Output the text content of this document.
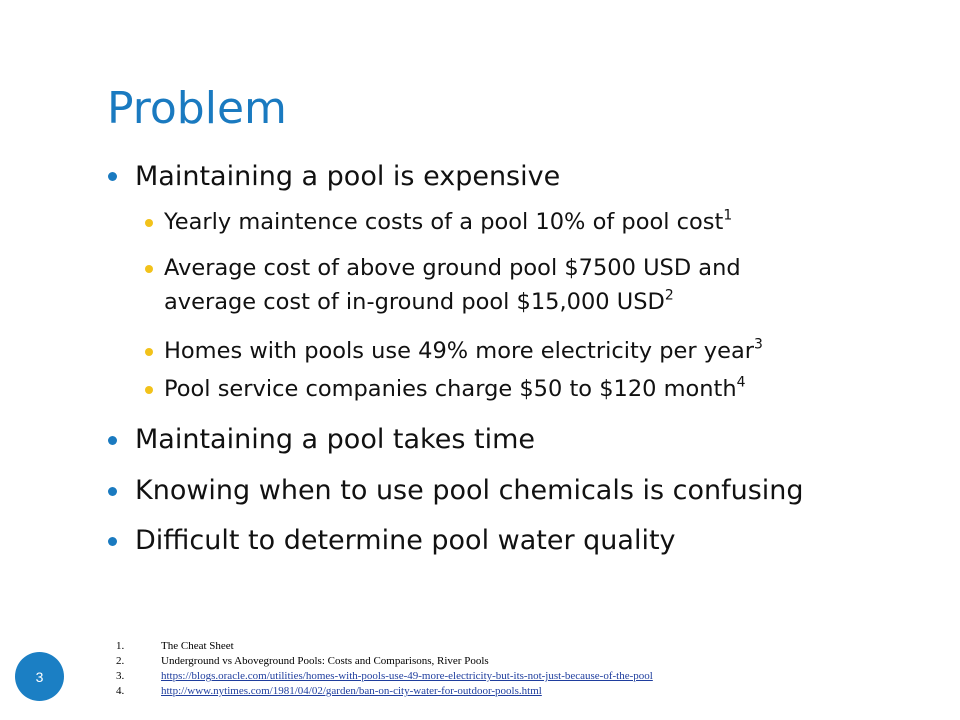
Problem
Maintaining a pool is expensive
Yearly maintence costs of a pool 10% of pool cost$^1$
Average cost of above ground pool $7500 USD and
average cost of in-ground pool $15,000 USD$^2$
Homes with pools use 49% more electricity per year$^3$
Pool service companies charge $50 to $120 month$^4$
Maintaining a pool takes time
Knowing when to use pool chemicals is confusing
Difficult to determine pool water quality
3
1.	The Cheat Sheet
2.	Underground vs Aboveground Pools: Costs and Comparisons, River Pools
3.	https://blogs.oracle.com/utilities/homes-with-pools-use-49-more-electricity-but-its-not-just-because-of-the-pool
4.	http://www.nytimes.com/1981/04/02/garden/ban-on-city-water-for-outdoor-pools.html
